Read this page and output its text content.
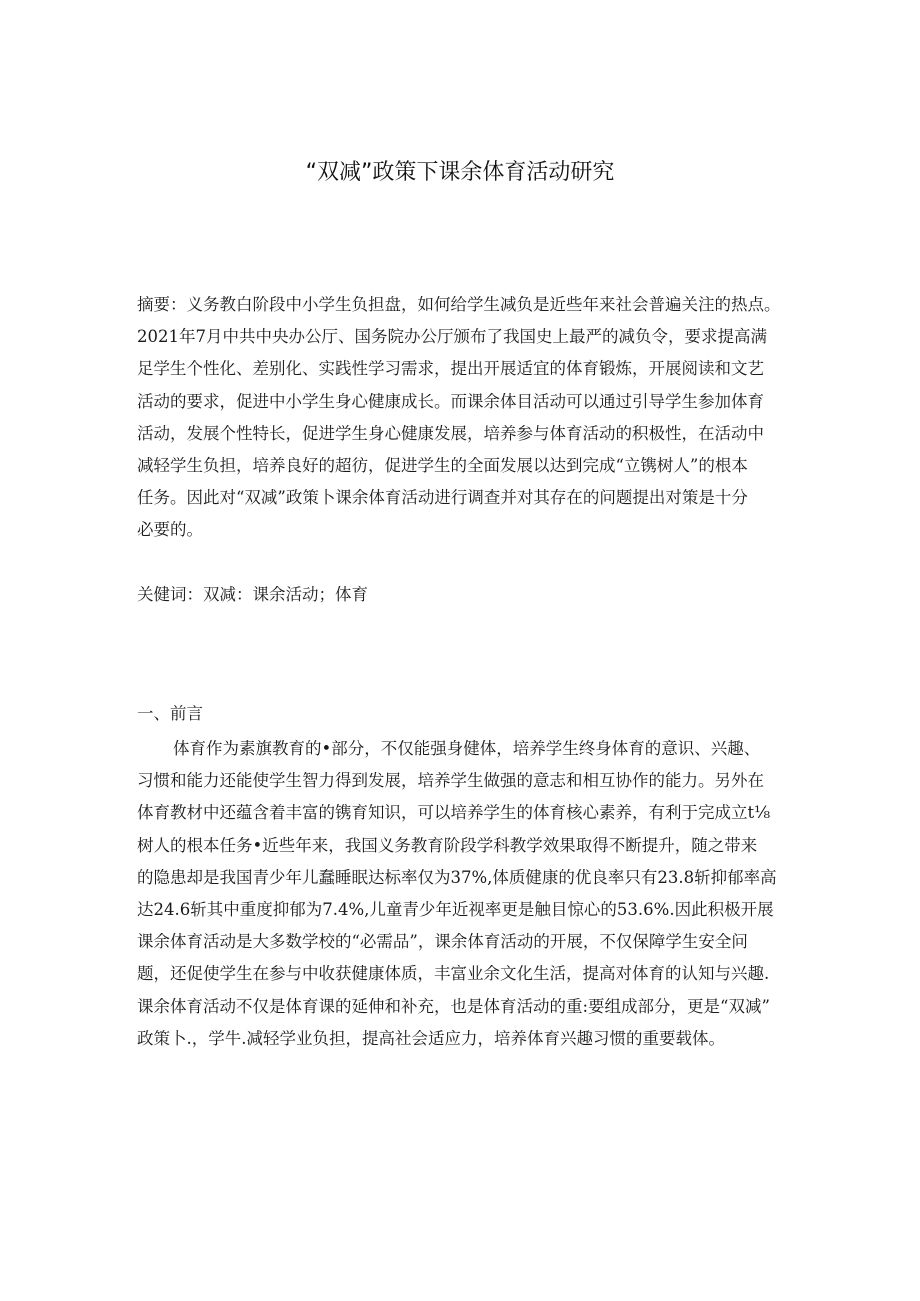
“双减”政策下课余体育活动研究
摘要：义务教白阶段中小学生负担盘，如何给学生减负是近些年来社会普遍关注的热点。
2021年7月中共中央办公厅、国务院办公厅颁布了我国史上最严的减负令，要求提高满
足学生个性化、差别化、实践性学习需求，提出开展适宜的体育锻炼，开展阅读和文艺
活动的要求，促进中小学生身心健康成长。而课余体目活动可以通过引导学生参加体育
活动，发展个性特长，促进学生身心健康发展，培养参与体育活动的积极性，在活动中
减轻学生负担，培养良好的超彷，促进学生的全面发展以达到完成“立镌树人”的根本
任务。因此对“双减”政策卜课余体育活动进行调查并对其存在的问题提出对策是十分
必要的。
关健词：双减：课余活动；体育
一、前言
体育作为素旗教育的•部分，不仅能强身健体，培养学生终身体育的意识、兴趣、
习惯和能力还能使学生智力得到发展，培养学生做强的意志和相互协作的能力。另外在
体育教材中还蕴含着丰富的镌育知识，可以培养学生的体育核心素养，有利于完成立t⅛
树人的根本任务•近些年来，我国义务教育阶段学科教学效果取得不断提升，随之带来
的隐患却是我国青少年儿蠢睡眠达标率仅为37%,体质健康的优良率只有23.8斩抑郁率高
达24.6斩其中重度抑郁为7.4%,儿童青少年近视率更是触目惊心的53.6%.因此积极开展
课余体育活动是大多数学校的“必需品”，课余体育活动的开展，不仅保障学生安全问
题，还促使学生在参与中收获健康体质，丰富业余文化生活，提高对体育的认知与兴趣.
课余体育活动不仅是体育课的延伸和补充，也是体育活动的重:要组成部分，更是“双减”
政策卜.，学牛.减轻学业负担，提高社会适应力，培养体育兴趣习惯的重要载体。
